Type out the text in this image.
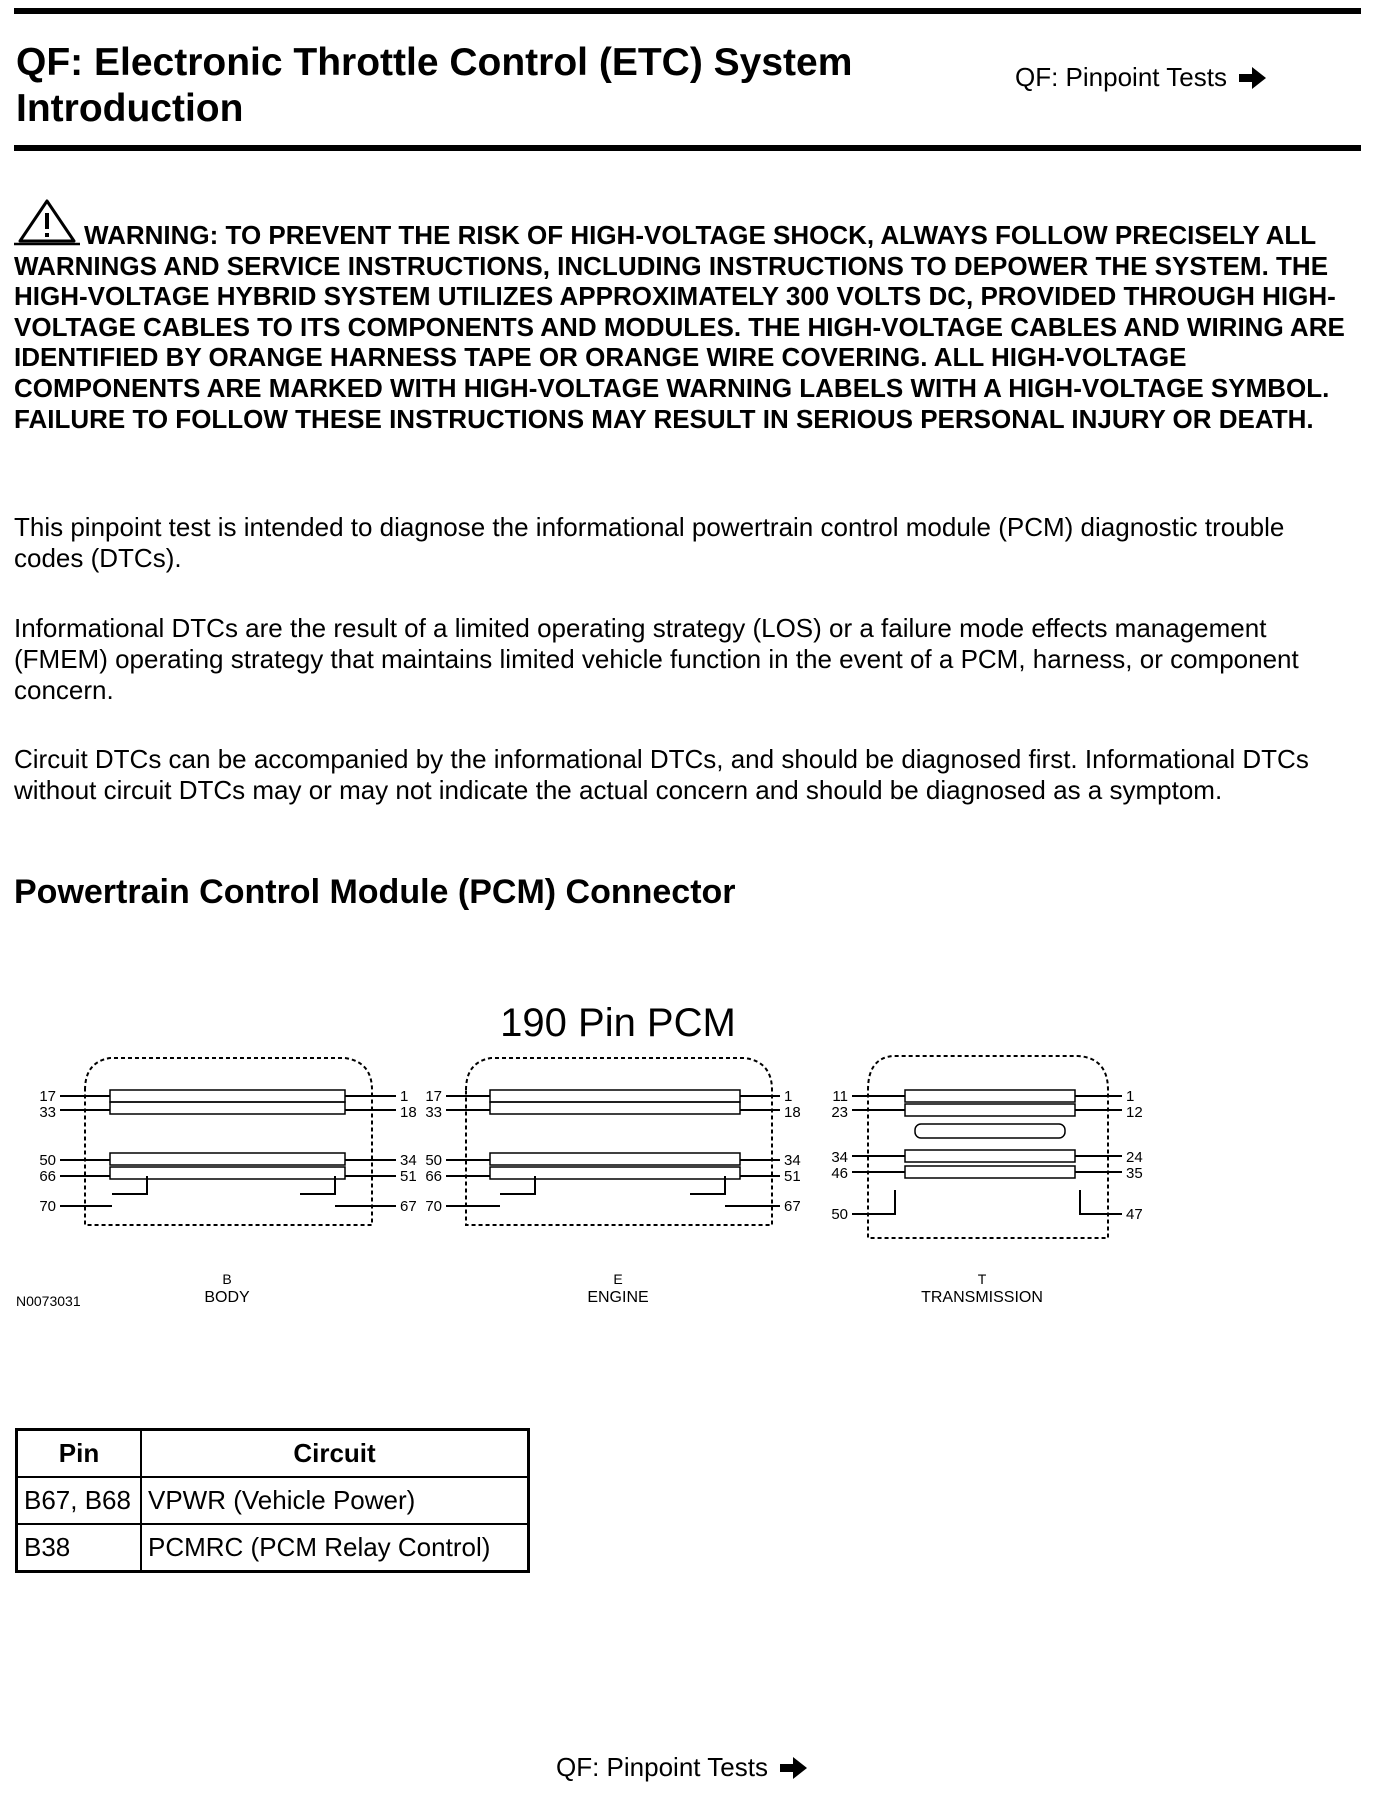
QF: Electronic Throttle Control (ETC) System Introduction
QF: Pinpoint Tests
WARNING: TO PREVENT THE RISK OF HIGH-VOLTAGE SHOCK, ALWAYS FOLLOW PRECISELY ALL WARNINGS AND SERVICE INSTRUCTIONS, INCLUDING INSTRUCTIONS TO DEPOWER THE SYSTEM. THE HIGH-VOLTAGE HYBRID SYSTEM UTILIZES APPROXIMATELY 300 VOLTS DC, PROVIDED THROUGH HIGH-VOLTAGE CABLES TO ITS COMPONENTS AND MODULES. THE HIGH-VOLTAGE CABLES AND WIRING ARE IDENTIFIED BY ORANGE HARNESS TAPE OR ORANGE WIRE COVERING. ALL HIGH-VOLTAGE COMPONENTS ARE MARKED WITH HIGH-VOLTAGE WARNING LABELS WITH A HIGH-VOLTAGE SYMBOL. FAILURE TO FOLLOW THESE INSTRUCTIONS MAY RESULT IN SERIOUS PERSONAL INJURY OR DEATH.

This pinpoint test is intended to diagnose the informational powertrain control module (PCM) diagnostic trouble codes (DTCs).

Informational DTCs are the result of a limited operating strategy (LOS) or a failure mode effects management (FMEM) operating strategy that maintains limited vehicle function in the event of a PCM, harness, or component concern.

Circuit DTCs can be accompanied by the informational DTCs, and should be diagnosed first. Informational DTCs without circuit DTCs may or may not indicate the actual concern and should be diagnosed as a symptom.

Powertrain Control Module (PCM) Connector
190 Pin PCM
17
33
50
66
70
1
18
34
51
67
B
BODY
17
33
50
66
70
1
18
34
51
67
E
ENGINE
11
23
34
46
50
1
12
24
35
47
T
TRANSMISSION
N0073031
Pin	Circuit
B67, B68	VPWR (Vehicle Power)
B38	PCMRC (PCM Relay Control)
QF: Pinpoint Tests
